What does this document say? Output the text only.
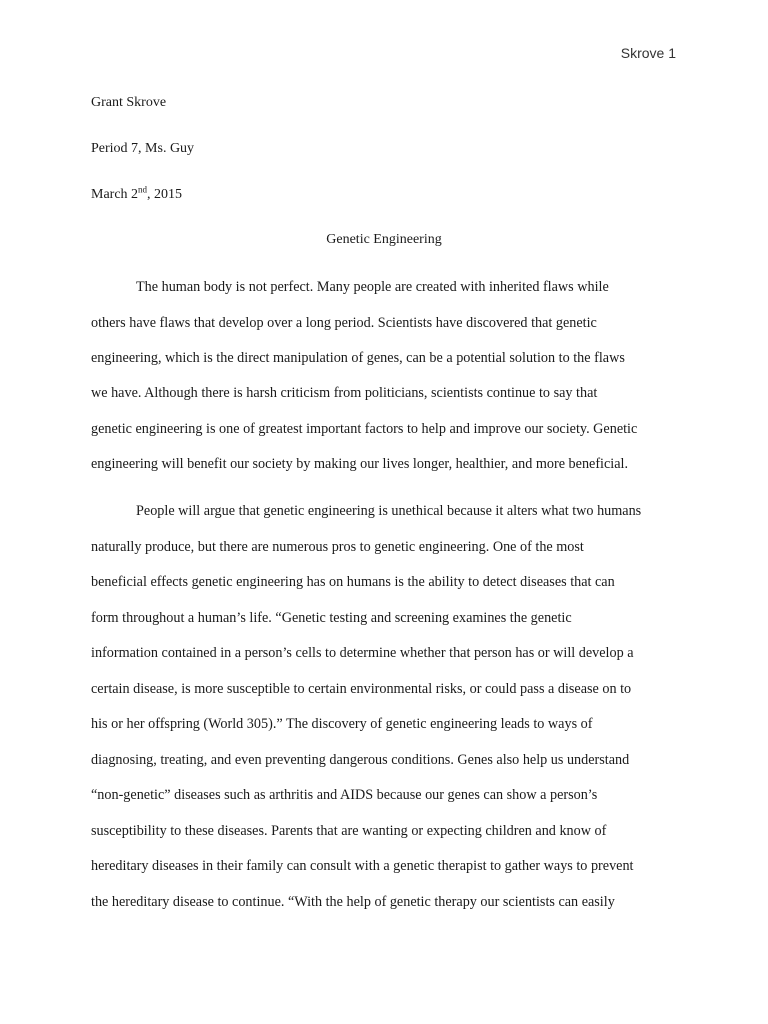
Skrove 1
Grant Skrove
Period 7, Ms. Guy
March 2nd, 2015
Genetic Engineering
The human body is not perfect. Many people are created with inherited flaws while
others have flaws that develop over a long period. Scientists have discovered that genetic
engineering, which is the direct manipulation of genes, can be a potential solution to the flaws
we have. Although there is harsh criticism from politicians, scientists continue to say that
genetic engineering is one of greatest important factors to help and improve our society. Genetic
engineering will benefit our society by making our lives longer, healthier, and more beneficial.
People will argue that genetic engineering is unethical because it alters what two humans
naturally produce, but there are numerous pros to genetic engineering. One of the most
beneficial effects genetic engineering has on humans is the ability to detect diseases that can
form throughout a human’s life. “Genetic testing and screening examines the genetic
information contained in a person’s cells to determine whether that person has or will develop a
certain disease, is more susceptible to certain environmental risks, or could pass a disease on to
his or her offspring (World 305).” The discovery of genetic engineering leads to ways of
diagnosing, treating, and even preventing dangerous conditions. Genes also help us understand
“non-genetic” diseases such as arthritis and AIDS because our genes can show a person’s
susceptibility to these diseases. Parents that are wanting or expecting children and know of
hereditary diseases in their family can consult with a genetic therapist to gather ways to prevent
the hereditary disease to continue. “With the help of genetic therapy our scientists can easily
